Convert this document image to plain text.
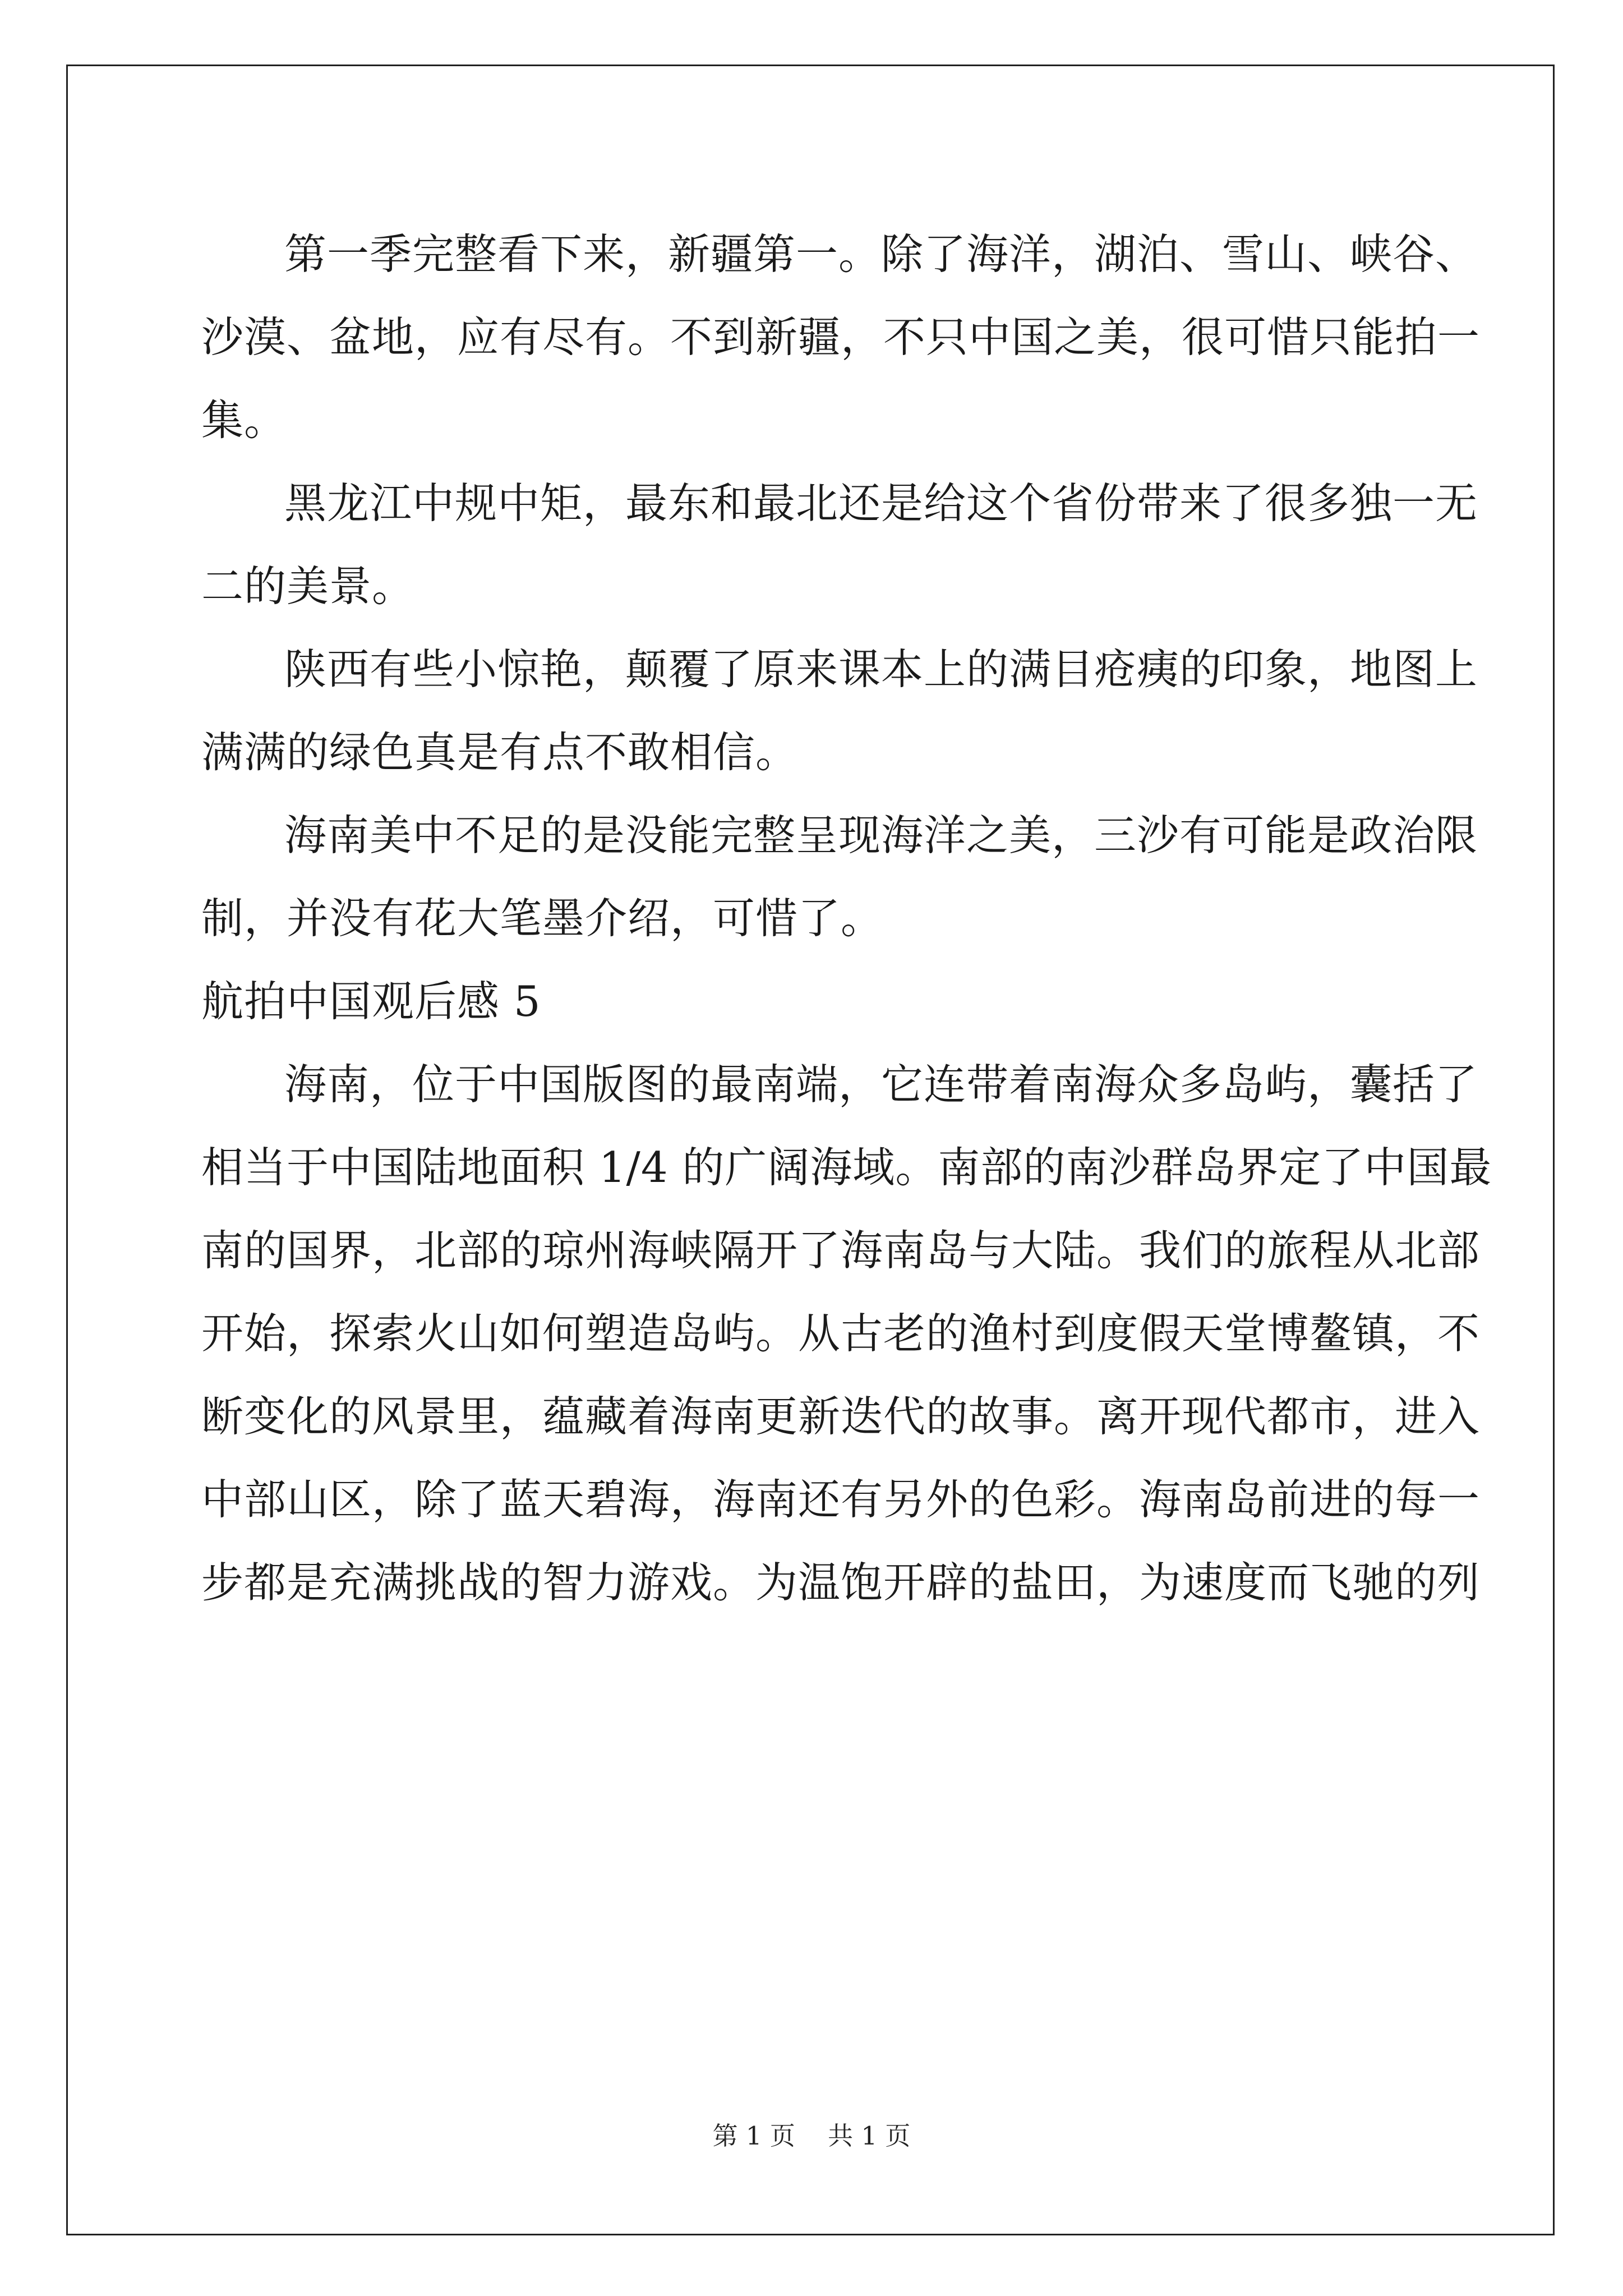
第一季完整看下来，新疆第一。除了海洋，湖泊、雪山、峡谷、
沙漠、盆地，应有尽有。不到新疆，不只中国之美，很可惜只能拍一
集。
黑龙江中规中矩，最东和最北还是给这个省份带来了很多独一无
二的美景。
陕西有些小惊艳，颠覆了原来课本上的满目疮痍的印象，地图上
满满的绿色真是有点不敢相信。
海南美中不足的是没能完整呈现海洋之美，三沙有可能是政治限
制，并没有花大笔墨介绍，可惜了。
航拍中国观后感 5
海南，位于中国版图的最南端，它连带着南海众多岛屿，囊括了
相当于中国陆地面积 1/4 的广阔海域。南部的南沙群岛界定了中国最
南的国界，北部的琼州海峡隔开了海南岛与大陆。我们的旅程从北部
开始，探索火山如何塑造岛屿。从古老的渔村到度假天堂博鳌镇，不
断变化的风景里，蕴藏着海南更新迭代的故事。离开现代都市，进入
中部山区，除了蓝天碧海，海南还有另外的色彩。海南岛前进的每一
步都是充满挑战的智力游戏。为温饱开辟的盐田，为速度而飞驰的列
第 1 页 共 1 页
